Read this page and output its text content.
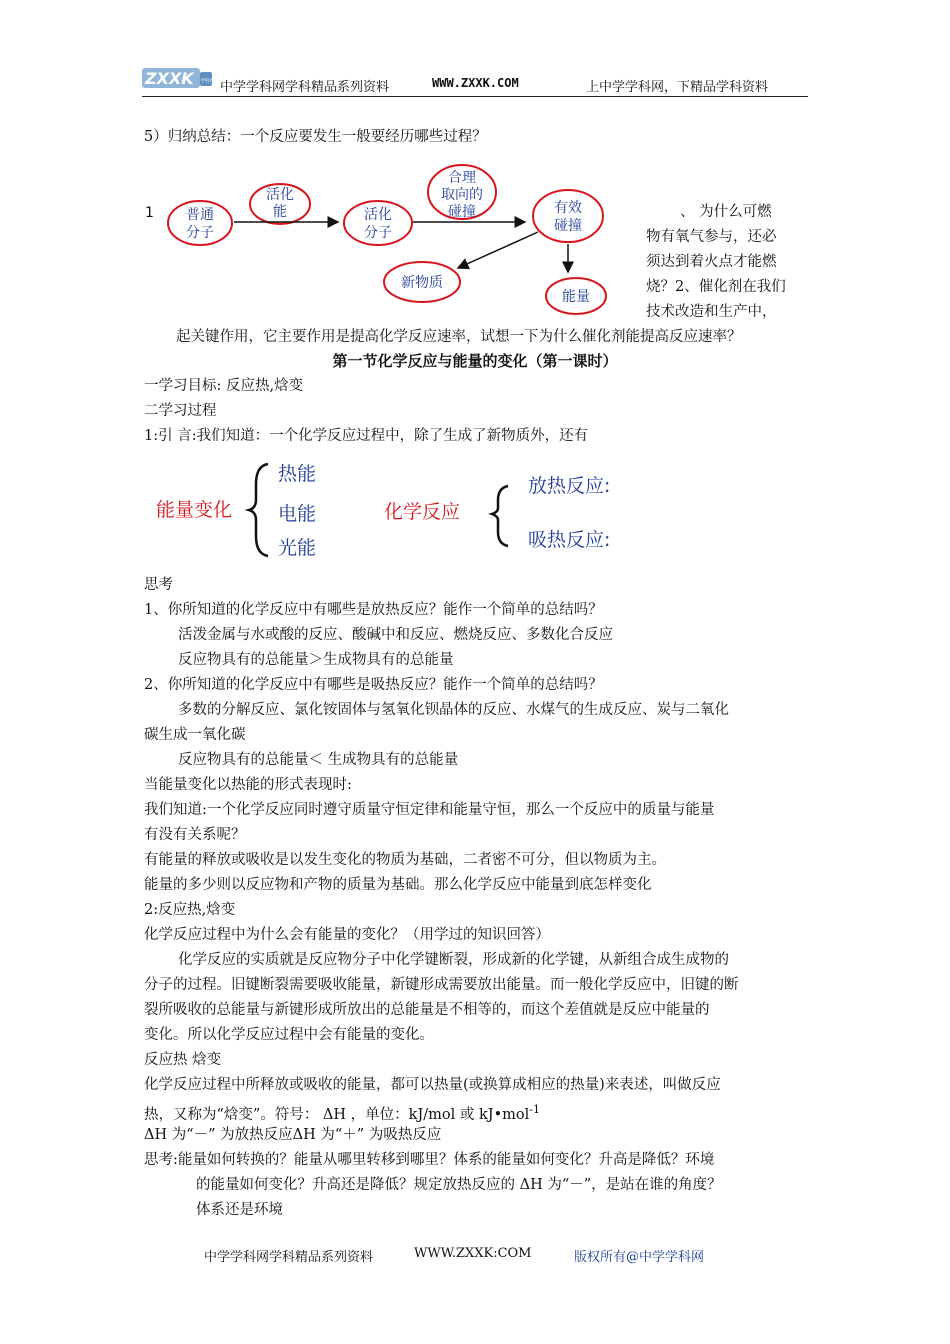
ZXXK	学科网 中学学科网学科精品系列资料	WWW.ZXXK.COM	上中学学科网，下精品学科资料
5）归纳总结：一个反应要发生一般要经历哪些过程？
1 普通
分子
活化
能	活化
分子
合理
取向的
碰撞	有效
碰撞
新物质
能量
、 为什么可燃
物有氧气参与，还必
须达到着火点才能燃
烧？2、催化剂在我们
技术改造和生产中，
起关键作用，它主要作用是提高化学反应速率，试想一下为什么催化剂能提高反应速率？
第一节化学反应与能量的变化（第一课时）
一学习目标: 反应热,焓变
二学习过程
1:引 言:我们知道：一个化学反应过程中，除了生成了新物质外，还有
能量变化
热能
电能
光能
化学反应
放热反应:
吸热反应:
思考
1、你所知道的化学反应中有哪些是放热反应？能作一个简单的总结吗？
活泼金属与水或酸的反应、酸碱中和反应、燃烧反应、多数化合反应
反应物具有的总能量＞生成物具有的总能量
2、你所知道的化学反应中有哪些是吸热反应？能作一个简单的总结吗？
多数的分解反应、氯化铵固体与氢氧化钡晶体的反应、水煤气的生成反应、炭与二氧化
碳生成一氧化碳
反应物具有的总能量＜ 生成物具有的总能量
当能量变化以热能的形式表现时:
我们知道:一个化学反应同时遵守质量守恒定律和能量守恒，那么一个反应中的质量与能量
有没有关系呢？
有能量的释放或吸收是以发生变化的物质为基础，二者密不可分，但以物质为主。
能量的多少则以反应物和产物的质量为基础。那么化学反应中能量到底怎样变化
2:反应热,焓变
化学反应过程中为什么会有能量的变化？（用学过的知识回答）
化学反应的实质就是反应物分子中化学键断裂，形成新的化学键，从新组合成生成物的
分子的过程。旧键断裂需要吸收能量，新键形成需要放出能量。而一般化学反应中，旧键的断
裂所吸收的总能量与新键形成所放出的总能量是不相等的，而这个差值就是反应中能量的
变化。所以化学反应过程中会有能量的变化。
反应热 焓变
化学反应过程中所释放或吸收的能量，都可以热量(或换算成相应的热量)来表述，叫做反应
热，又称为“焓变”。符号： ΔH ，单位：kJ/mol 或 kJ•mol$^{-1}$
ΔH 为“－” 为放热反应ΔH 为“＋” 为吸热反应
思考:能量如何转换的？能量从哪里转移到哪里？体系的能量如何变化？升高是降低？环境
的能量如何变化？升高还是降低？规定放热反应的 ΔH 为“－”，是站在谁的角度？
体系还是环境
中学学科网学科精品系列资料	WWW.ZXXK:COM	版权所有@中学学科网
